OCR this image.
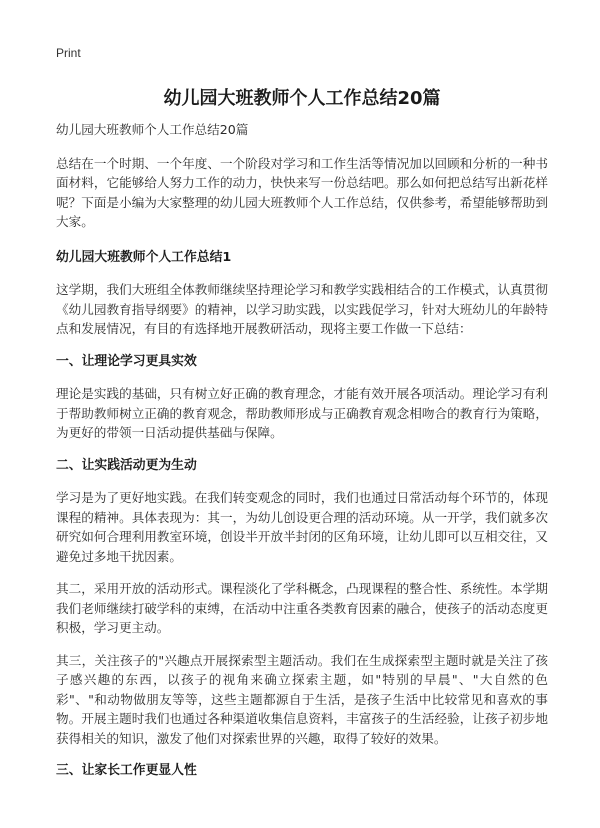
Print
幼儿园大班教师个人工作总结20篇

幼儿园大班教师个人工作总结20篇

总结在一个时期、一个年度、一个阶段对学习和工作生活等情况加以回顾和分析的一种书面材料，它能够给人努力工作的动力，快快来写一份总结吧。那么如何把总结写出新花样呢？下面是小编为大家整理的幼儿园大班教师个人工作总结，仅供参考，希望能够帮助到大家。

幼儿园大班教师个人工作总结1

这学期，我们大班组全体教师继续坚持理论学习和教学实践相结合的工作模式，认真贯彻《幼儿园教育指导纲要》的精神，以学习助实践，以实践促学习，针对大班幼儿的年龄特点和发展情况，有目的有选择地开展教研活动，现将主要工作做一下总结：

一、让理论学习更具实效

理论是实践的基础，只有树立好正确的教育理念，才能有效开展各项活动。理论学习有利于帮助教师树立正确的教育观念，帮助教师形成与正确教育观念相吻合的教育行为策略，为更好的带领一日活动提供基础与保障。

二、让实践活动更为生动

学习是为了更好地实践。在我们转变观念的同时，我们也通过日常活动每个环节的，体现课程的精神。具体表现为：其一，为幼儿创设更合理的活动环境。从一开学，我们就多次研究如何合理利用教室环境，创设半开放半封闭的区角环境，让幼儿即可以互相交往，又避免过多地干扰因素。

其二，采用开放的活动形式。课程淡化了学科概念，凸现课程的整合性、系统性。本学期我们老师继续打破学科的束缚，在活动中注重各类教育因素的融合，使孩子的活动态度更积极，学习更主动。

其三，关注孩子的"兴趣点开展探索型主题活动。我们在生成探索型主题时就是关注了孩子感兴趣的东西，以孩子的视角来确立探索主题，如"特别的早晨"、"大自然的色彩"、"和动物做朋友等等，这些主题都源自于生活，是孩子生活中比较常见和喜欢的事物。开展主题时我们也通过各种渠道收集信息资料，丰富孩子的生活经验，让孩子初步地获得相关的知识，激发了他们对探索世界的兴趣，取得了较好的效果。

三、让家长工作更显人性
